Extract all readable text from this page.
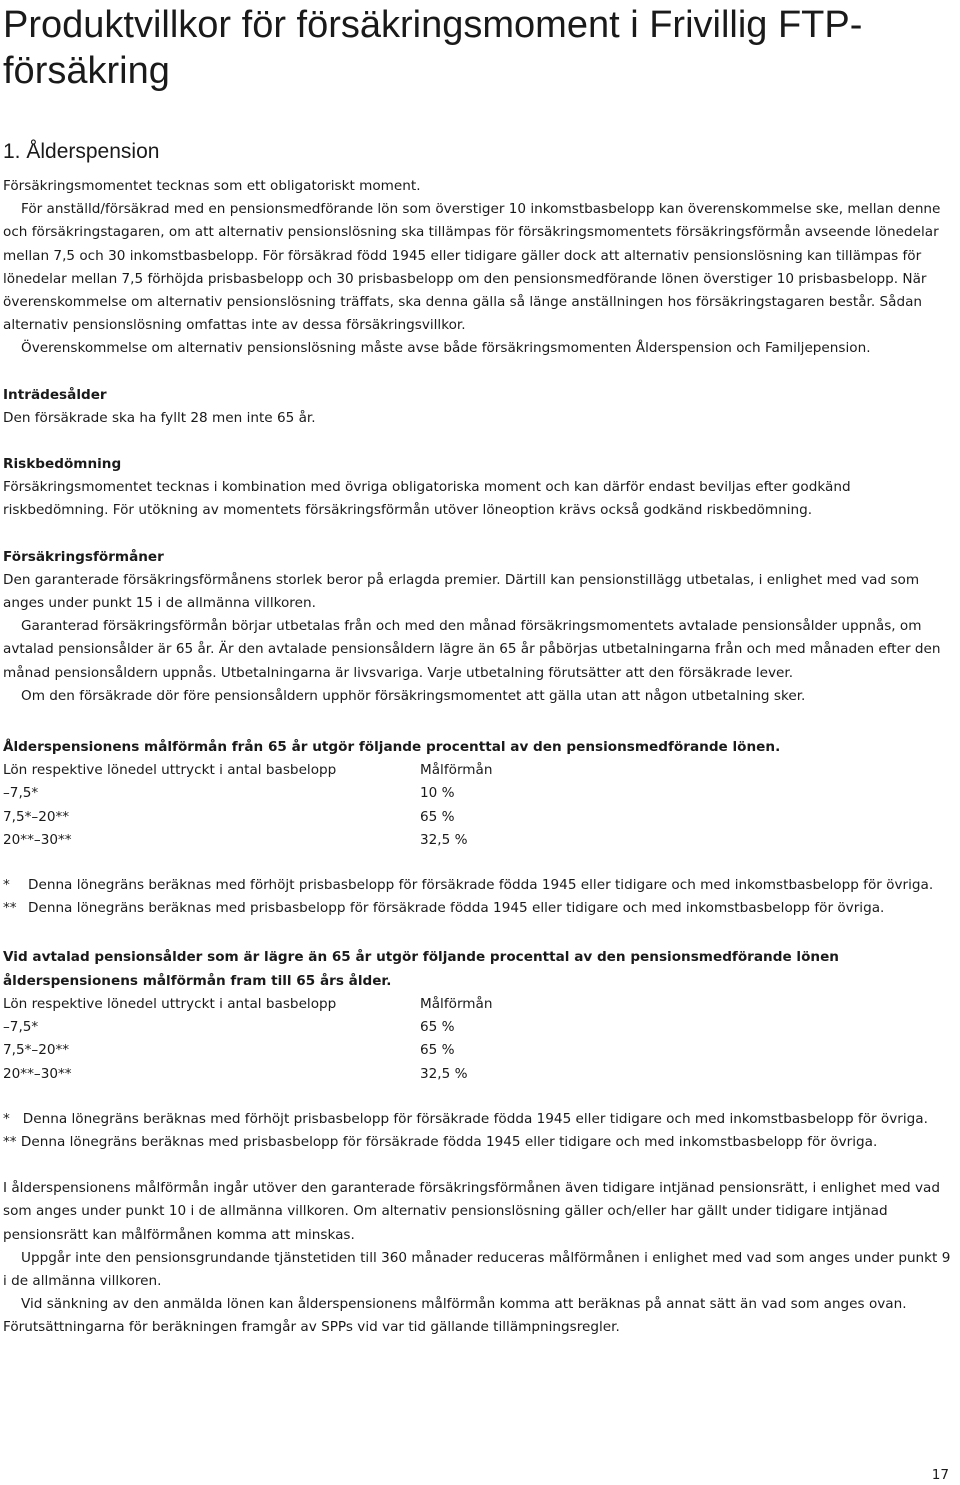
Produktvillkor för försäkringsmoment i Frivillig FTP-försäkring
1. Ålderspension

Försäkringsmomentet tecknas som ett obligatoriskt moment.

För anställd/försäkrad med en pensionsmedförande lön som överstiger 10 inkomstbasbelopp kan överenskommelse ske, mellan denne och försäkringstagaren, om att alternativ pensionslösning ska tillämpas för försäkringsmomentets försäkringsförmån avseende lönedelar mellan 7,5 och 30 inkomstbasbelopp. För försäkrad född 1945 eller tidigare gäller dock att alternativ pensionslösning kan tillämpas för lönedelar mellan 7,5 förhöjda prisbasbelopp och 30 prisbasbelopp om den pensionsmedförande lönen överstiger 10 prisbasbelopp. När överenskommelse om alternativ pensionslösning träffats, ska denna gälla så länge anställningen hos försäkringstagaren består. Sådan alternativ pensionslösning omfattas inte av dessa försäkringsvillkor.

Överenskommelse om alternativ pensionslösning måste avse både försäkringsmomenten Ålderspension och Familjepension.

Inträdesålder

Den försäkrade ska ha fyllt 28 men inte 65 år.

Riskbedömning

Försäkringsmomentet tecknas i kombination med övriga obligatoriska moment och kan därför endast beviljas efter godkänd riskbedömning. För utökning av momentets försäkringsförmån utöver löneoption krävs också godkänd riskbedömning.

Försäkringsförmåner

Den garanterade försäkringsförmånens storlek beror på erlagda premier. Därtill kan pensionstillägg utbetalas, i enlighet med vad som anges under punkt 15 i de allmänna villkoren.

Garanterad försäkringsförmån börjar utbetalas från och med den månad försäkringsmomentets avtalade pensionsålder uppnås, om avtalad pensionsålder är 65 år. Är den avtalade pensionsåldern lägre än 65 år påbörjas utbetalningarna från och med månaden efter den månad pensionsåldern uppnås. Utbetalningarna är livsvariga. Varje utbetalning förutsätter att den försäkrade lever.

Om den försäkrade dör före pensionsåldern upphör försäkringsmomentet att gälla utan att någon utbetalning sker.

Ålderspensionens målförmån från 65 år utgör följande procenttal av den pensionsmedförande lönen.

Lön respektive lönedel uttryckt i antal basbelopp	Målförmån
–7,5*	10 %
7,5*–20**	65 %
20**–30**	32,5 %
*	Denna lönegräns beräknas med förhöjt prisbasbelopp för försäkrade födda 1945 eller tidigare och med inkomstbasbelopp för övriga.
** Denna lönegräns beräknas med prisbasbelopp för försäkrade födda 1945 eller tidigare och med inkomstbasbelopp för övriga.

Vid avtalad pensionsålder som är lägre än 65 år utgör följande procenttal av den pensionsmedförande lönen ålderspensionens målförmån fram till 65 års ålder.

Lön respektive lönedel uttryckt i antal basbelopp	Målförmån
–7,5*	65 %
7,5*–20**	65 %
20**–30**	32,5 %

*   Denna lönegräns beräknas med förhöjt prisbasbelopp för försäkrade födda 1945 eller tidigare och med inkomstbasbelopp för övriga.

** Denna lönegräns beräknas med prisbasbelopp för försäkrade födda 1945 eller tidigare och med inkomstbasbelopp för övriga.

I ålderspensionens målförmån ingår utöver den garanterade försäkringsförmånen även tidigare intjänad pensionsrätt, i enlighet med vad som anges under punkt 10 i de allmänna villkoren. Om alternativ pensionslösning gäller och/eller har gällt under tidigare intjänad pensionsrätt kan målförmånen komma att minskas.

Uppgår inte den pensionsgrundande tjänstetiden till 360 månader reduceras målförmånen i enlighet med vad som anges under punkt 9 i de allmänna villkoren.

Vid sänkning av den anmälda lönen kan ålderspensionens målförmån komma att beräknas på annat sätt än vad som anges ovan. Förutsättningarna för beräkningen framgår av SPPs vid var tid gällande tillämpningsregler.

17
